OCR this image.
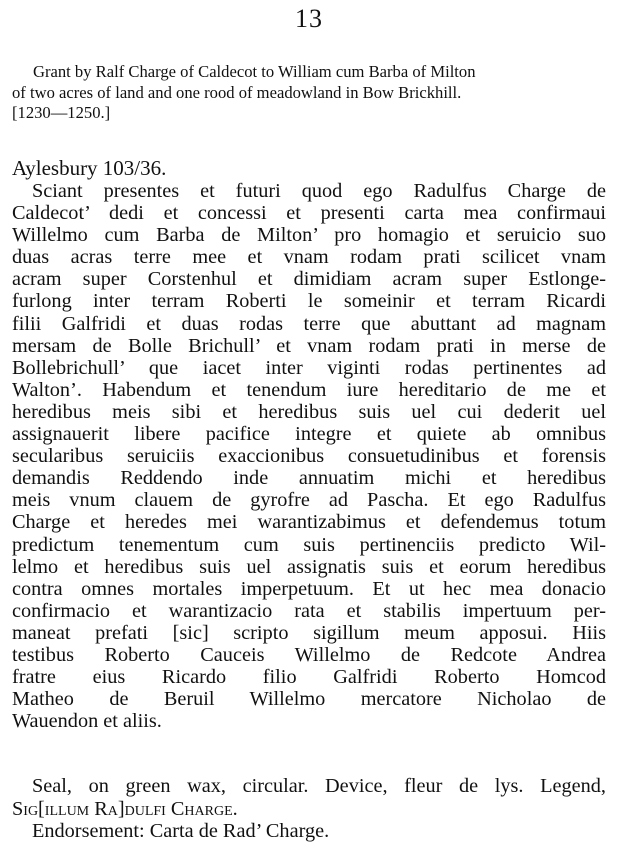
13
Grant by Ralf Charge of Caldecot to William cum Barba of Milton
of two acres of land and one rood of meadowland in Bow Brickhill.
[1230—1250.]
Aylesbury 103/36.
Sciant presentes et futuri quod ego Radulfus Charge de
Caldecot’ dedi et concessi et presenti carta mea confirmaui
Willelmo cum Barba de Milton’ pro homagio et seruicio suo
duas acras terre mee et vnam rodam prati scilicet vnam
acram super Corstenhul et dimidiam acram super Estlonge-
furlong inter terram Roberti le someinir et terram Ricardi
filii Galfridi et duas rodas terre que abuttant ad magnam
mersam de Bolle Brichull’ et vnam rodam prati in merse de
Bollebrichull’ que iacet inter viginti rodas pertinentes ad
Walton’. Habendum et tenendum iure hereditario de me et
heredibus meis sibi et heredibus suis uel cui dederit uel
assignauerit libere pacifice integre et quiete ab omnibus
secularibus seruiciis exaccionibus consuetudinibus et forensis
demandis Reddendo inde annuatim michi et heredibus
meis vnum clauem de gyrofre ad Pascha. Et ego Radulfus
Charge et heredes mei warantizabimus et defendemus totum
predictum tenementum cum suis pertinenciis predicto Wil-
lelmo et heredibus suis uel assignatis suis et eorum heredibus
contra omnes mortales imperpetuum. Et ut hec mea donacio
confirmacio et warantizacio rata et stabilis impertuum per-
maneat prefati [sic] scripto sigillum meum apposui. Hiis
testibus Roberto Cauceis Willelmo de Redcote Andrea
fratre eius Ricardo filio Galfridi Roberto Homcod
Matheo de Beruil Willelmo mercatore Nicholao de
Wauendon et aliis.
Seal, on green wax, circular. Device, fleur de lys. Legend,
Sig[illum Ra]dulfi Charge.
Endorsement: Carta de Rad’ Charge.
